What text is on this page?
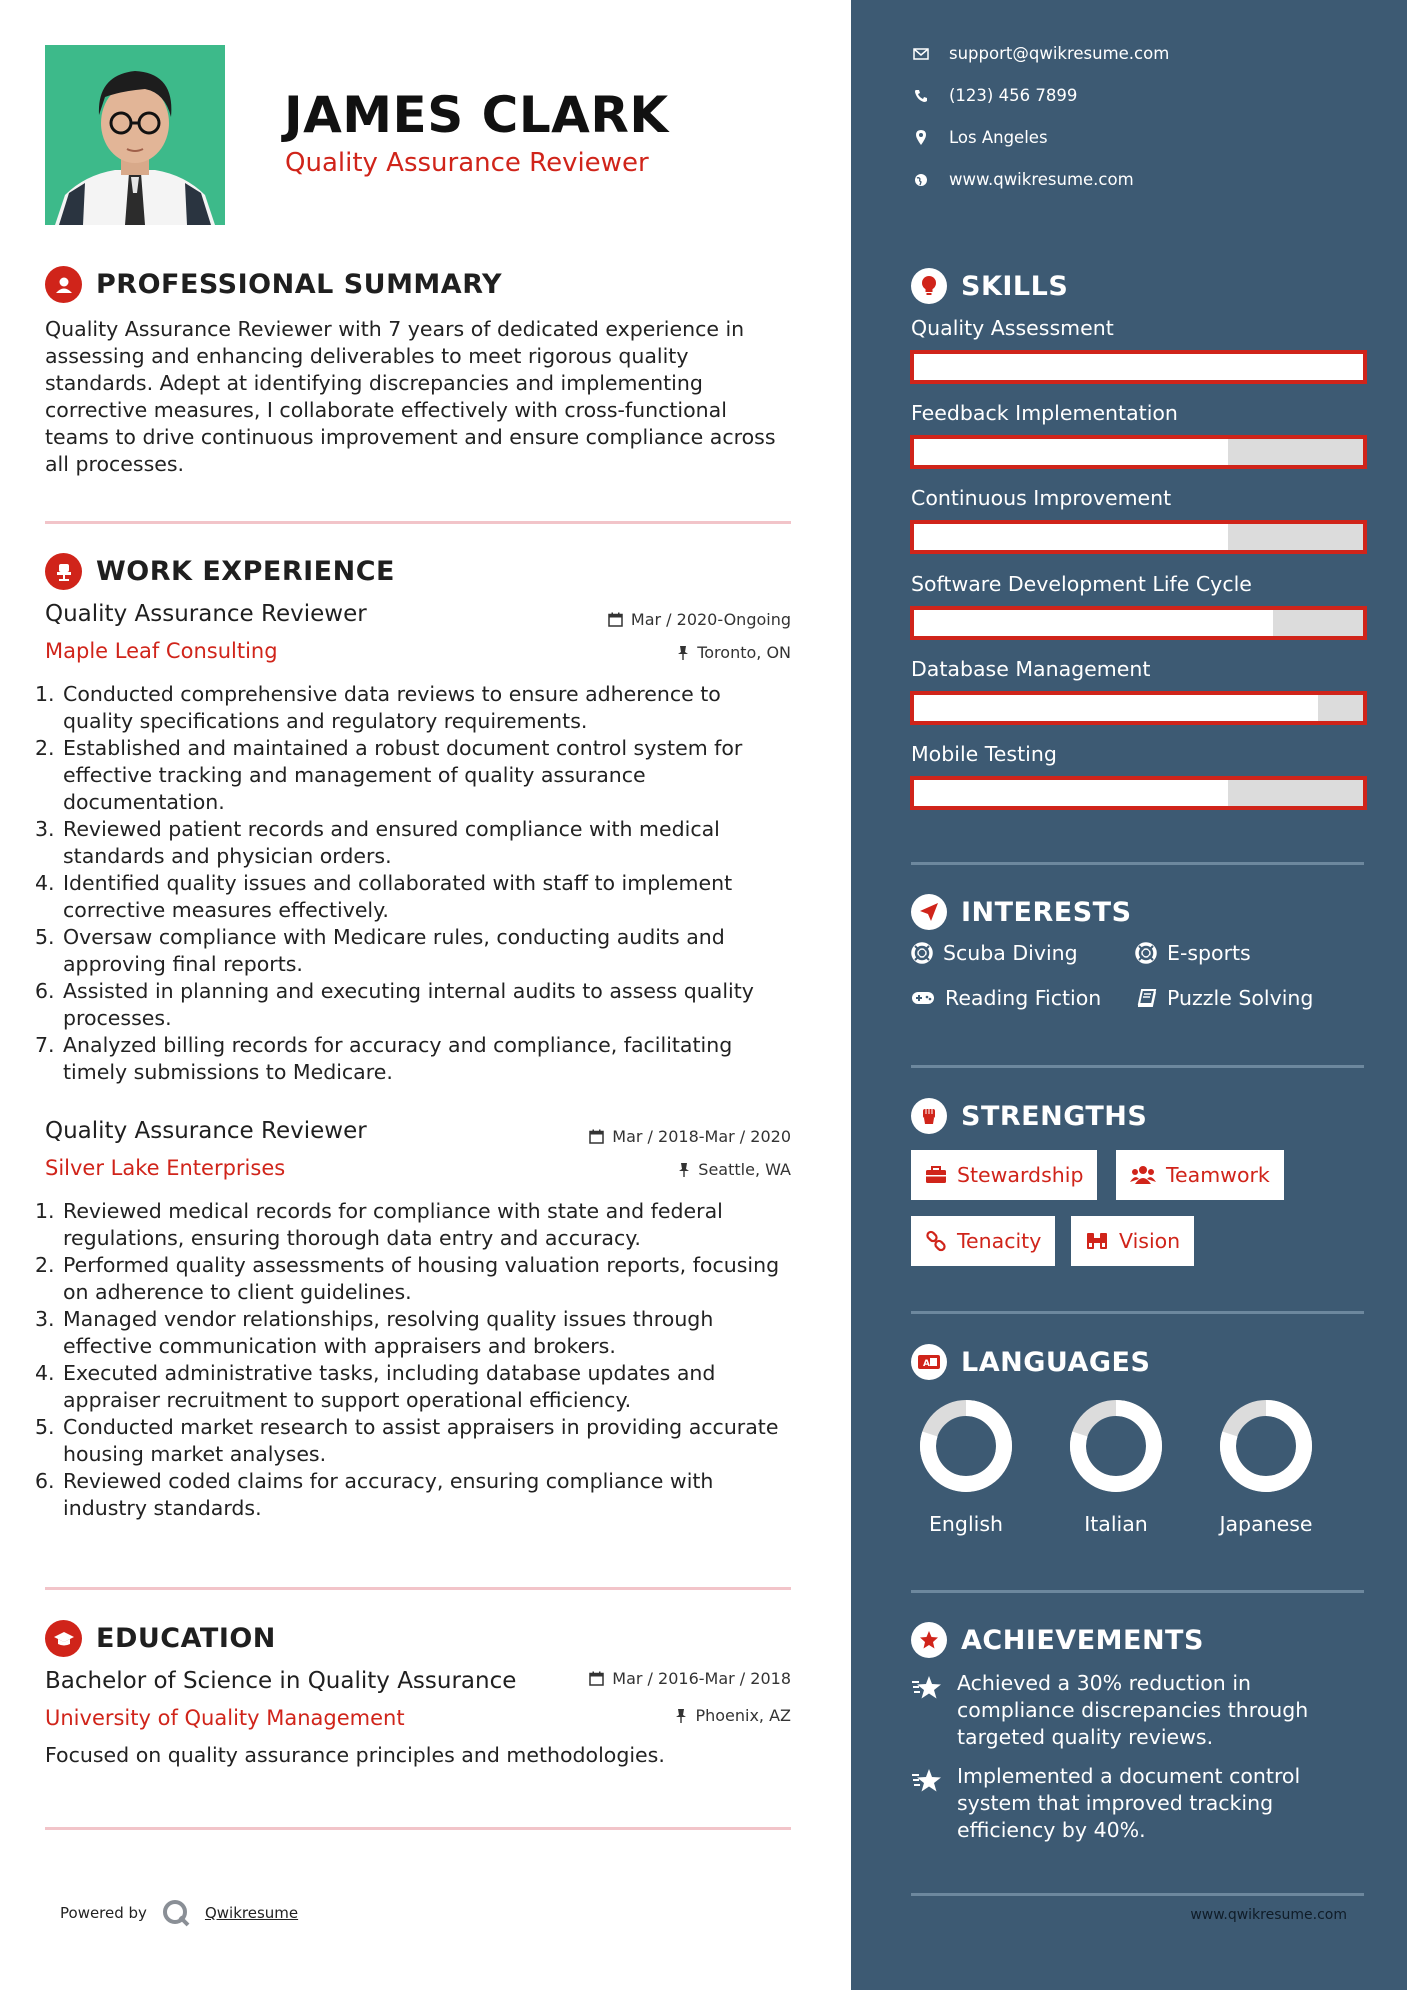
JAMES CLARK
Quality Assurance Reviewer
PROFESSIONAL SUMMARY
Quality Assurance Reviewer with 7 years of dedicated experience in assessing and enhancing deliverables to meet rigorous quality standards. Adept at identifying discrepancies and implementing corrective measures, I collaborate effectively with cross-functional teams to drive continuous improvement and ensure compliance across all processes.
WORK EXPERIENCE
Quality Assurance Reviewer
Maple Leaf Consulting
Mar / 2020-Ongoing
Toronto, ON
1. Conducted comprehensive data reviews to ensure adherence to quality specifications and regulatory requirements.
2. Established and maintained a robust document control system for effective tracking and management of quality assurance documentation.
3. Reviewed patient records and ensured compliance with medical standards and physician orders.
4. Identified quality issues and collaborated with staff to implement corrective measures effectively.
5. Oversaw compliance with Medicare rules, conducting audits and approving final reports.
6. Assisted in planning and executing internal audits to assess quality processes.
7. Analyzed billing records for accuracy and compliance, facilitating timely submissions to Medicare.
Quality Assurance Reviewer
Silver Lake Enterprises
Mar / 2018-Mar / 2020
Seattle, WA
1. Reviewed medical records for compliance with state and federal regulations, ensuring thorough data entry and accuracy.
2. Performed quality assessments of housing valuation reports, focusing on adherence to client guidelines.
3. Managed vendor relationships, resolving quality issues through effective communication with appraisers and brokers.
4. Executed administrative tasks, including database updates and appraiser recruitment to support operational efficiency.
5. Conducted market research to assist appraisers in providing accurate housing market analyses.
6. Reviewed coded claims for accuracy, ensuring compliance with industry standards.
EDUCATION
Bachelor of Science in Quality Assurance
University of Quality Management
Mar / 2016-Mar / 2018
Phoenix, AZ
Focused on quality assurance principles and methodologies.
Powered by	Qwikresume
support@qwikresume.com
(123) 456 7899
Los Angeles
www.qwikresume.com
SKILLS
Quality Assessment
Feedback Implementation
Continuous Improvement
Software Development Life Cycle
Database Management
Mobile Testing
INTERESTS
Scuba Diving	E-sports
Reading Fiction	Puzzle Solving
STRENGTHS
Stewardship	Teamwork
Tenacity	Vision
A LANGUAGES
English	Italian	Japanese
ACHIEVEMENTS
Achieved a 30% reduction in compliance discrepancies through targeted quality reviews.
Implemented a document control system that improved tracking efficiency by 40%.
www.qwikresume.com
